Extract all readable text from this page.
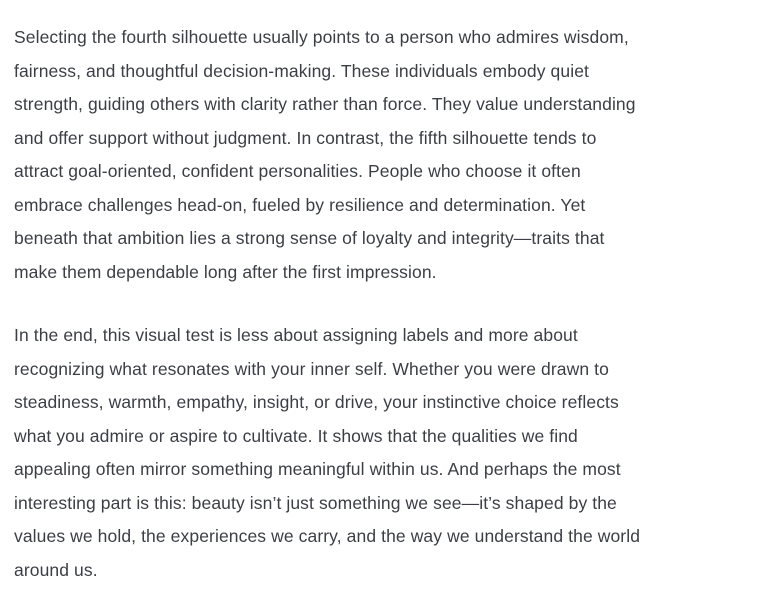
Selecting the fourth silhouette usually points to a person who admires wisdom,
fairness, and thoughtful decision-making. These individuals embody quiet
strength, guiding others with clarity rather than force. They value understanding
and offer support without judgment. In contrast, the fifth silhouette tends to
attract goal-oriented, confident personalities. People who choose it often
embrace challenges head-on, fueled by resilience and determination. Yet
beneath that ambition lies a strong sense of loyalty and integrity—traits that
make them dependable long after the first impression.
In the end, this visual test is less about assigning labels and more about
recognizing what resonates with your inner self. Whether you were drawn to
steadiness, warmth, empathy, insight, or drive, your instinctive choice reflects
what you admire or aspire to cultivate. It shows that the qualities we find
appealing often mirror something meaningful within us. And perhaps the most
interesting part is this: beauty isn’t just something we see—it’s shaped by the
values we hold, the experiences we carry, and the way we understand the world
around us.
